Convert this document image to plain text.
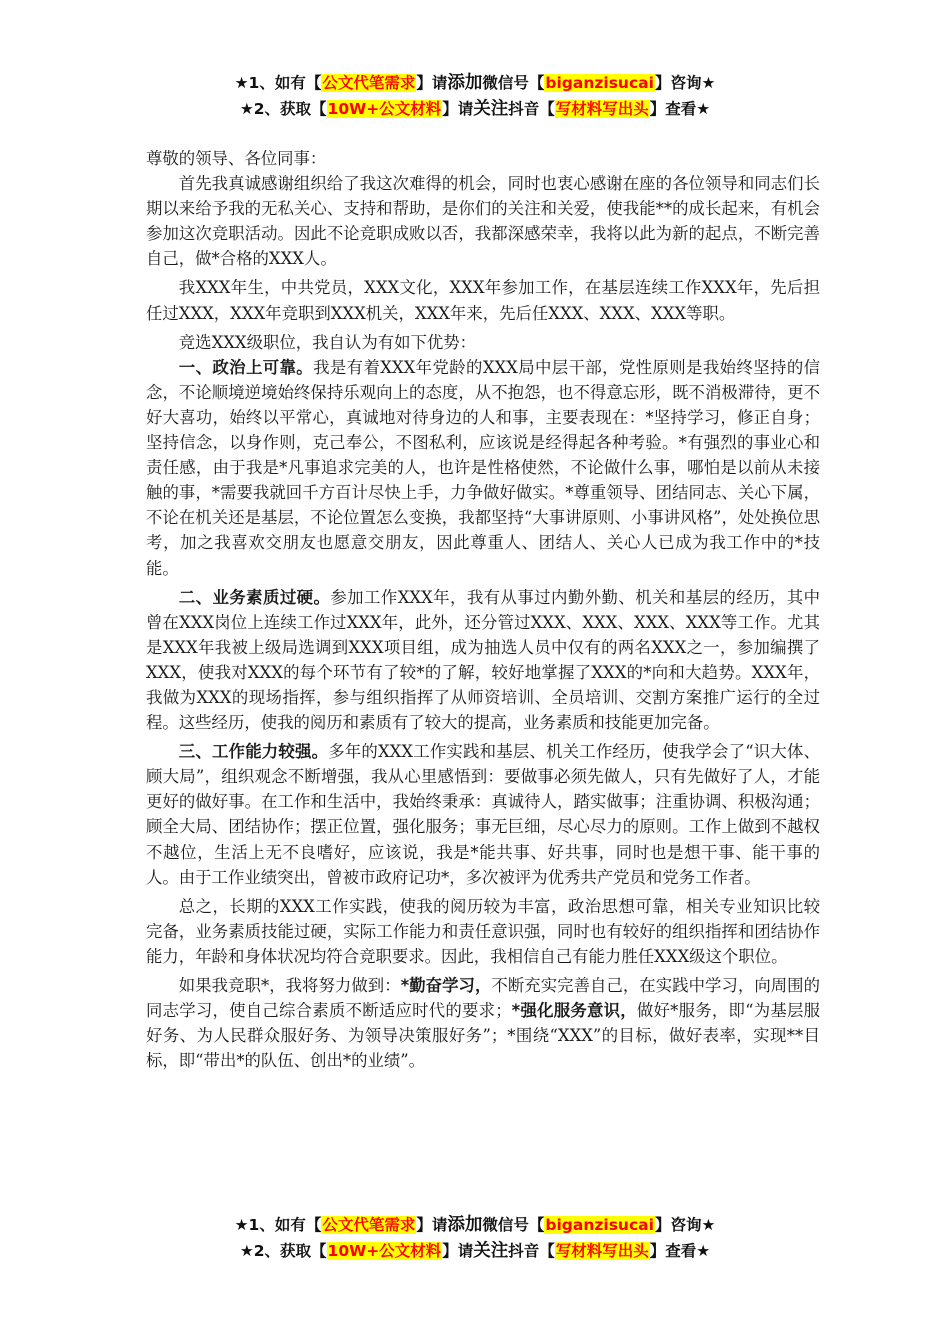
★1、如有【公文代笔需求】请添加微信号【biganzisucai】咨询★
★2、获取【10W+公文材料】请关注抖音【写材料写出头】查看★

尊敬的领导、各位同事：

首先我真诚感谢组织给了我这次难得的机会，同时也衷心感谢在座的各位领导和同志们长期以来给予我的无私关心、支持和帮助，是你们的关注和关爱，使我能**的成长起来，有机会参加这次竞职活动。因此不论竞职成败以否，我都深感荣幸，我将以此为新的起点，不断完善自己，做*合格的XXX人。

我XXX年生，中共党员，XXX文化，XXX年参加工作，在基层连续工作XXX年，先后担任过XXX，XXX年竞职到XXX机关，XXX年来，先后任XXX、XXX、XXX等职。

竞选XXX级职位，我自认为有如下优势：

一、政治上可靠。我是有着XXX年党龄的XXX局中层干部，党性原则是我始终坚持的信念，不论顺境逆境始终保持乐观向上的态度，从不抱怨，也不得意忘形，既不消极滞待，更不好大喜功，始终以平常心，真诚地对待身边的人和事，主要表现在：*坚持学习，修正自身；坚持信念，以身作则，克己奉公，不图私利，应该说是经得起各种考验。*有强烈的事业心和责任感，由于我是*凡事追求完美的人，也许是性格使然，不论做什么事，哪怕是以前从未接触的事，*需要我就回千方百计尽快上手，力争做好做实。*尊重领导、团结同志、关心下属，不论在机关还是基层，不论位置怎么变换，我都坚持“大事讲原则、小事讲风格”，处处换位思考，加之我喜欢交朋友也愿意交朋友，因此尊重人、团结人、关心人已成为我工作中的*技能。

二、业务素质过硬。参加工作XXX年，我有从事过内勤外勤、机关和基层的经历，其中曾在XXX岗位上连续工作过XXX年，此外，还分管过XXX、XXX、XXX、XXX等工作。尤其是XXX年我被上级局选调到XXX项目组，成为抽选人员中仅有的两名XXX之一，参加编撰了XXX，使我对XXX的每个环节有了较*的了解，较好地掌握了XXX的*向和大趋势。XXX年，我做为XXX的现场指挥，参与组织指挥了从师资培训、全员培训、交割方案推广运行的全过程。这些经历，使我的阅历和素质有了较大的提高，业务素质和技能更加完备。

三、工作能力较强。多年的XXX工作实践和基层、机关工作经历，使我学会了“识大体、顾大局”，组织观念不断增强，我从心里感悟到：要做事必须先做人，只有先做好了人，才能更好的做好事。在工作和生活中，我始终秉承：真诚待人，踏实做事；注重协调、积极沟通；顾全大局、团结协作；摆正位置，强化服务；事无巨细，尽心尽力的原则。工作上做到不越权不越位，生活上无不良嗜好，应该说，我是*能共事、好共事，同时也是想干事、能干事的人。由于工作业绩突出，曾被市政府记功*，多次被评为优秀共产党员和党务工作者。

总之，长期的XXX工作实践，使我的阅历较为丰富，政治思想可靠，相关专业知识比较完备，业务素质技能过硬，实际工作能力和责任意识强，同时也有较好的组织指挥和团结协作能力，年龄和身体状况均符合竞职要求。因此，我相信自己有能力胜任XXX级这个职位。

如果我竞职*，我将努力做到：*勤奋学习，不断充实完善自己，在实践中学习，向周围的同志学习，使自己综合素质不断适应时代的要求；*强化服务意识，做好*服务，即“为基层服好务、为人民群众服好务、为领导决策服好务”；*围绕“XXX”的目标，做好表率，实现**目标，即“带出*的队伍、创出*的业绩”。

★1、如有【公文代笔需求】请添加微信号【biganzisucai】咨询★
★2、获取【10W+公文材料】请关注抖音【写材料写出头】查看★
